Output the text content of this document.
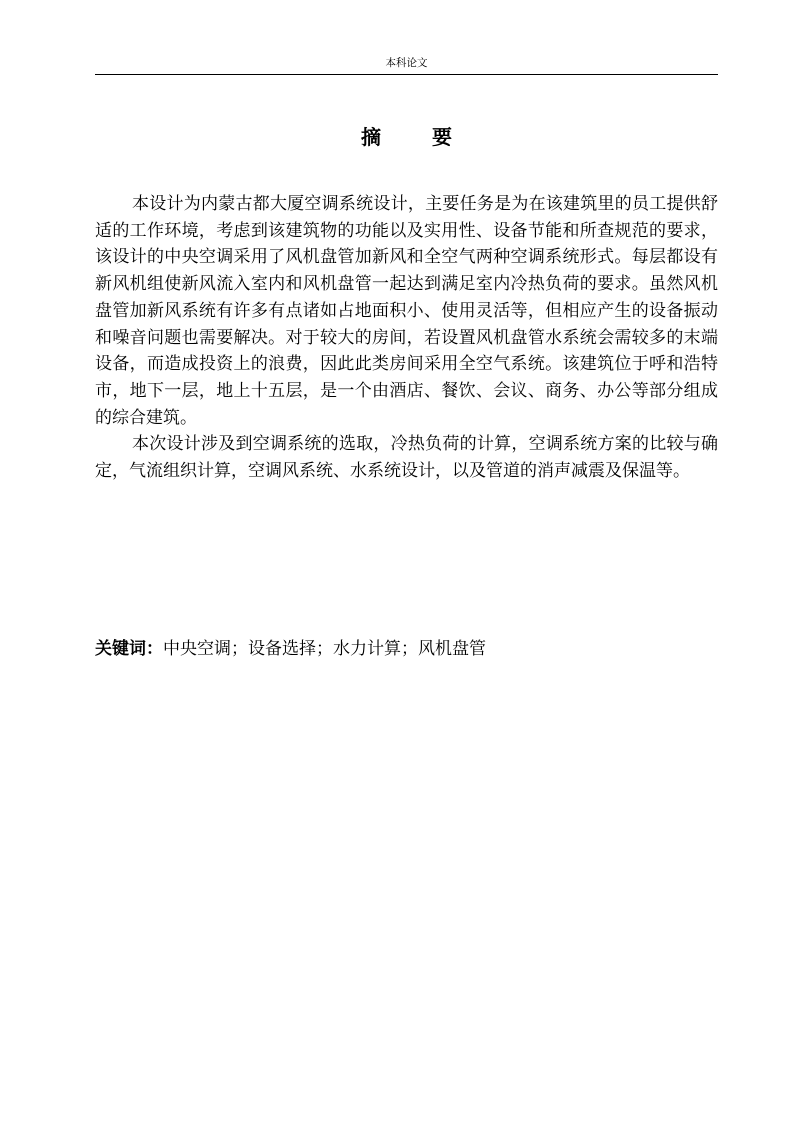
本科论文
摘 要

本设计为内蒙古都大厦空调系统设计，主要任务是为在该建筑里的员工提供舒适的工作环境，考虑到该建筑物的功能以及实用性、设备节能和所查规范的要求，该设计的中央空调采用了风机盘管加新风和全空气两种空调系统形式。每层都设有新风机组使新风流入室内和风机盘管一起达到满足室内冷热负荷的要求。虽然风机盘管加新风系统有许多有点诸如占地面积小、使用灵活等，但相应产生的设备振动和噪音问题也需要解决。对于较大的房间，若设置风机盘管水系统会需较多的末端设备，而造成投资上的浪费，因此此类房间采用全空气系统。该建筑位于呼和浩特市，地下一层，地上十五层，是一个由酒店、餐饮、会议、商务、办公等部分组成的综合建筑。

本次设计涉及到空调系统的选取，冷热负荷的计算，空调系统方案的比较与确定，气流组织计算，空调风系统、水系统设计，以及管道的消声减震及保温等。

关键词：中央空调；设备选择；水力计算；风机盘管
